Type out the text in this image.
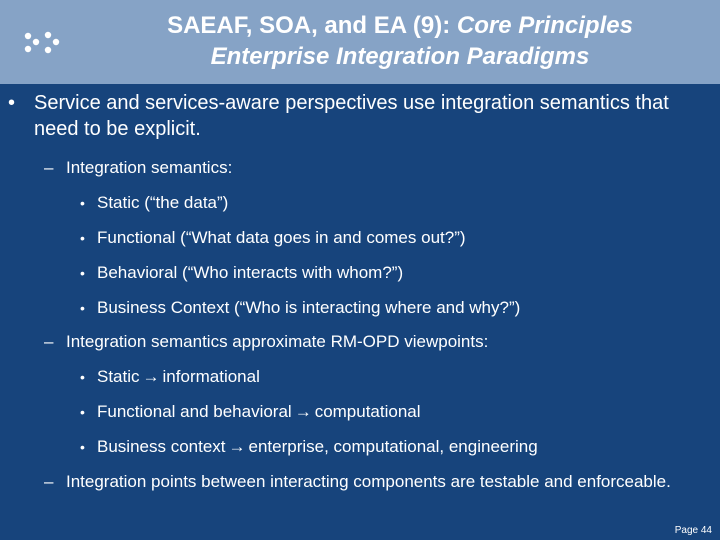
SAEAF, SOA, and EA (9): Core Principles
Enterprise Integration Paradigms
• Service and services-aware perspectives use integration semantics that need to be explicit.
– Integration semantics:
• Static (“the data”)
• Functional (“What data goes in and comes out?”)
• Behavioral (“Who interacts with whom?”)
• Business Context (“Who is interacting where and why?”)
– Integration semantics approximate RM-OPD viewpoints:
• Static → informational
• Functional and behavioral → computational
• Business context → enterprise, computational, engineering
– Integration points between interacting components are testable and enforceable.
Page 44
